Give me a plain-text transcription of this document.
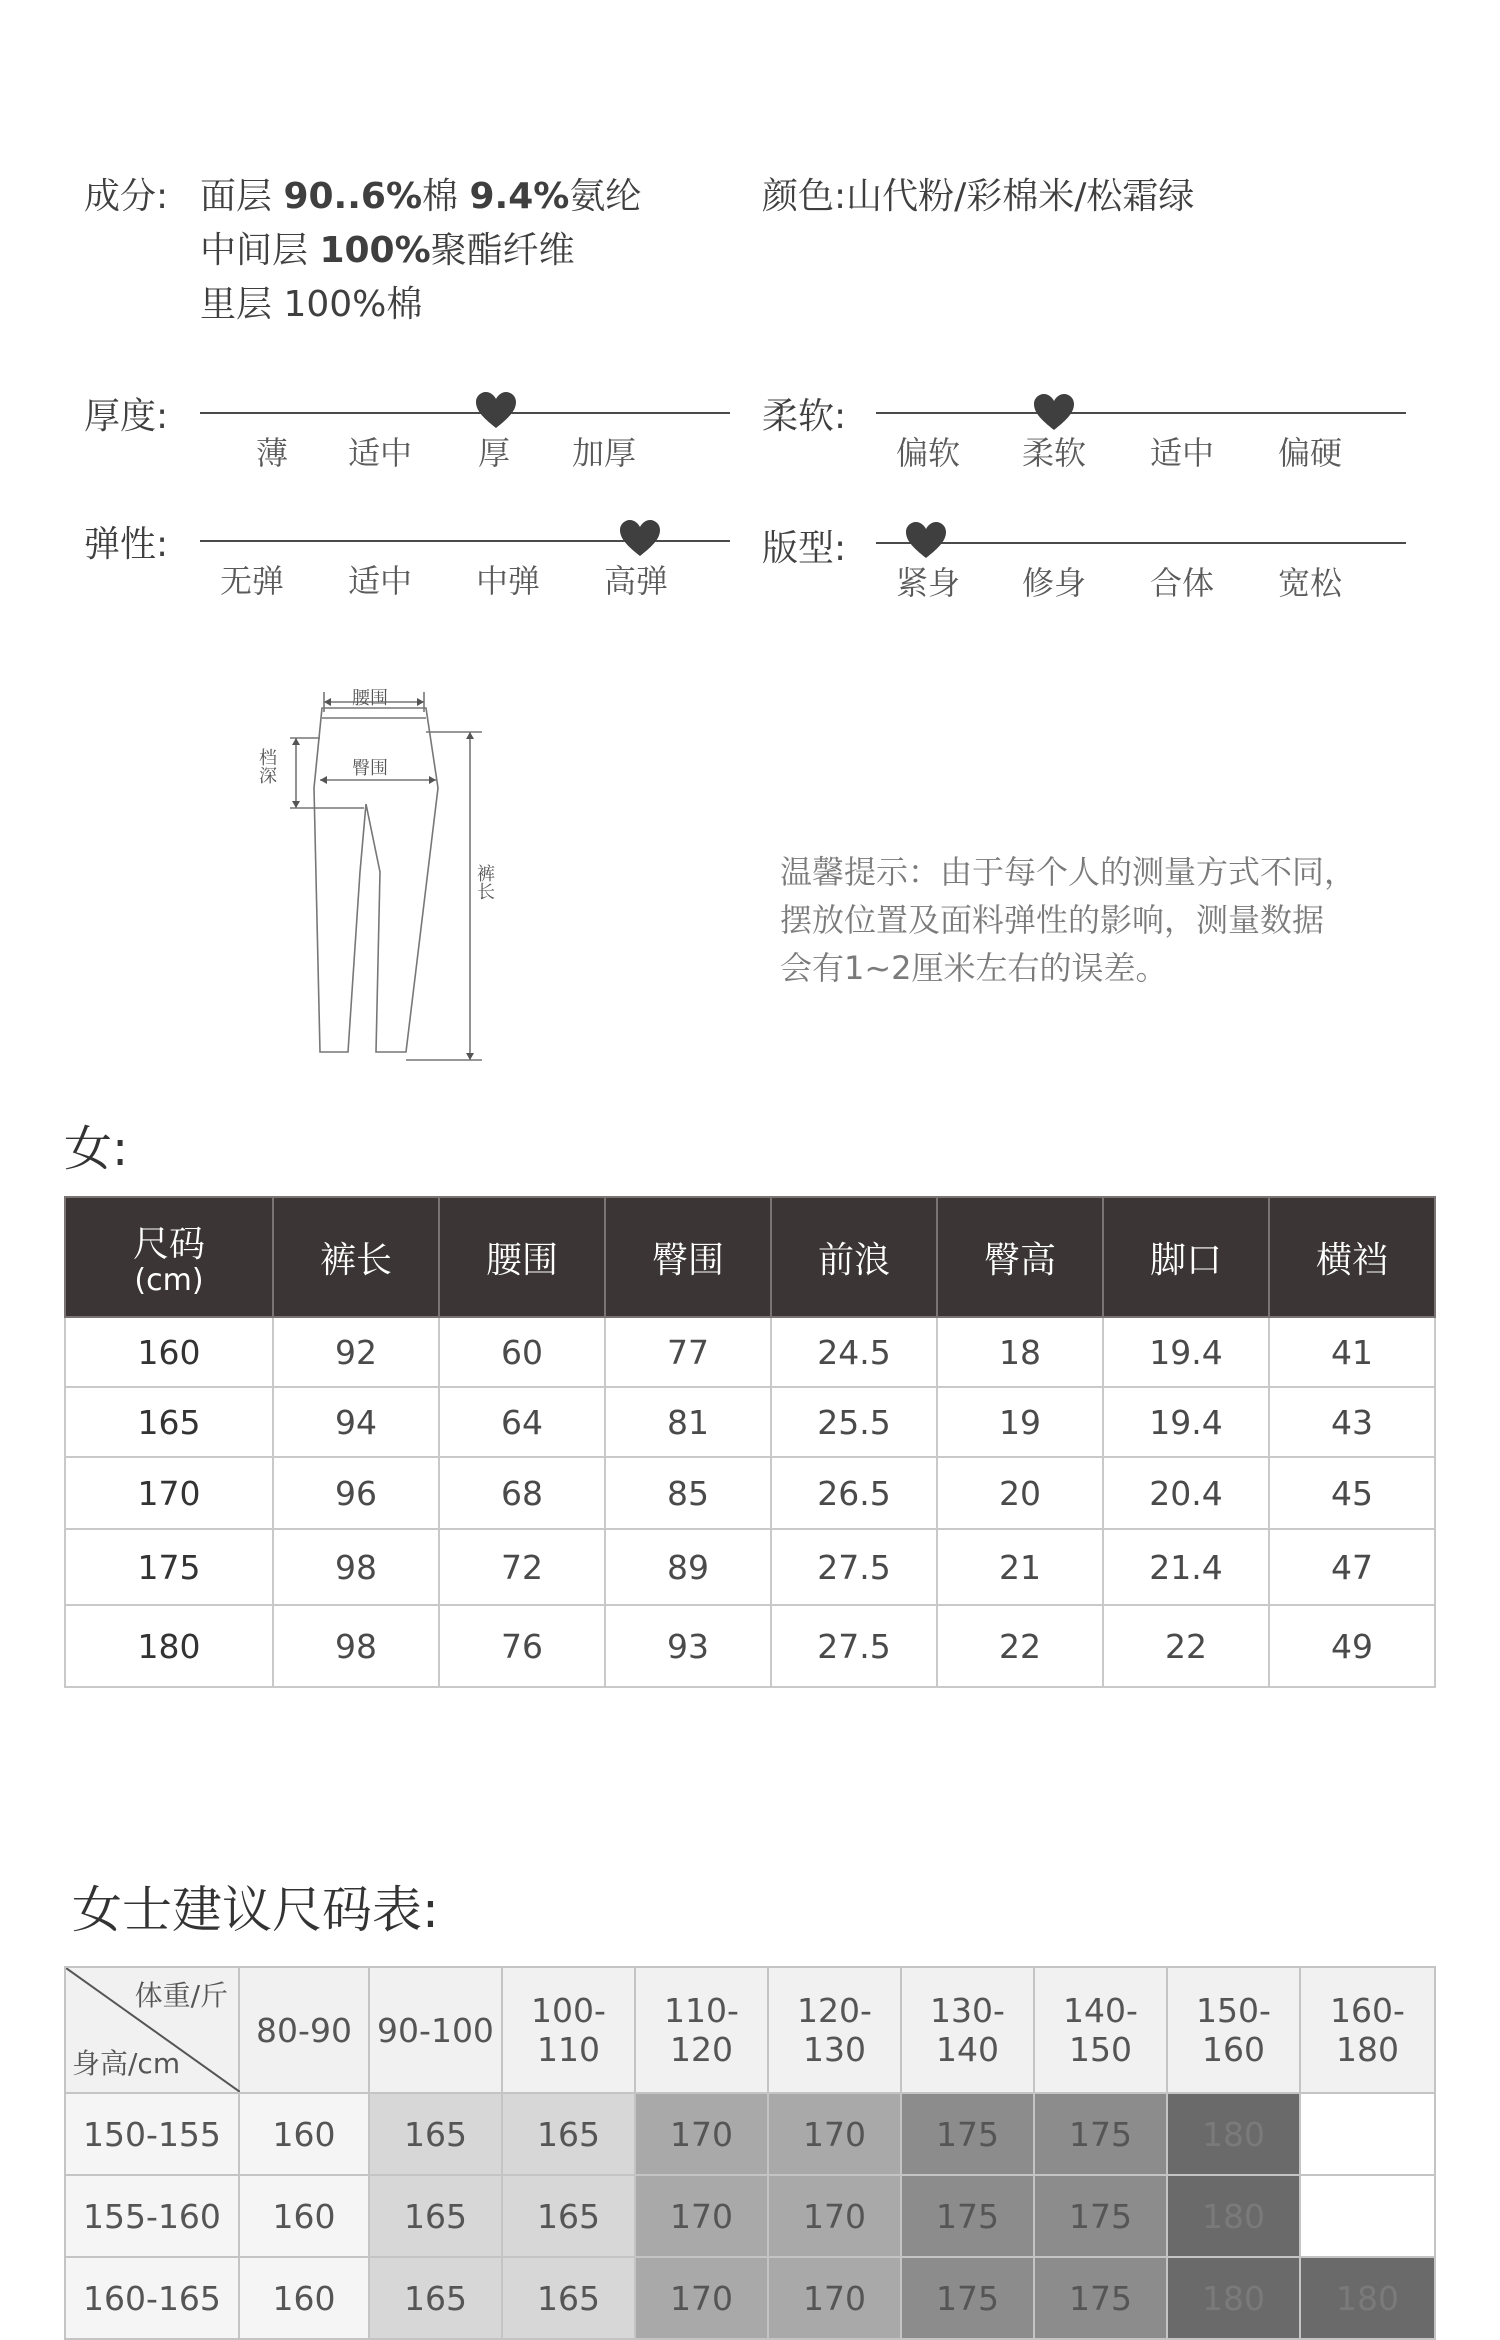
成分: 面层 90..6%棉 9.4%氨纶
中间层 100%聚酯纤维
里层 100%棉
颜色:山代粉/彩棉米/松霜绿
厚度:
薄 适中 厚 加厚
柔软:
偏软 柔软 适中 偏硬
弹性:
无弹 适中 中弹 高弹
版型:
紧身 修身 合体 宽松
腰围
臀围
档深
裤长	温馨提示：由于每个人的测量方式不同，
摆放位置及面料弹性的影响，测量数据
会有1~2厘米左右的误差。
女:
尺码
(cm)	裤长	腰围	臀围	前浪	臀高	脚口	横裆
160	92	60	77	24.5	18	19.4	41
165	94	64	81	25.5	19	19.4	43
170	96	68	85	26.5	20	20.4	45
175	98	72	89	27.5	21	21.4	47
180	98	76	93	27.5	22	22	49
女士建议尺码表:
体重/斤
身高/cm	80-90	90-100	100-110	110-120	120-130	130-140	140-150	150-160	160-180
150-155	160	165	165	170	170	175	175	180	
155-160	160	165	165	170	170	175	175	180	
160-165	160	165	165	170	170	175	175	180	180
